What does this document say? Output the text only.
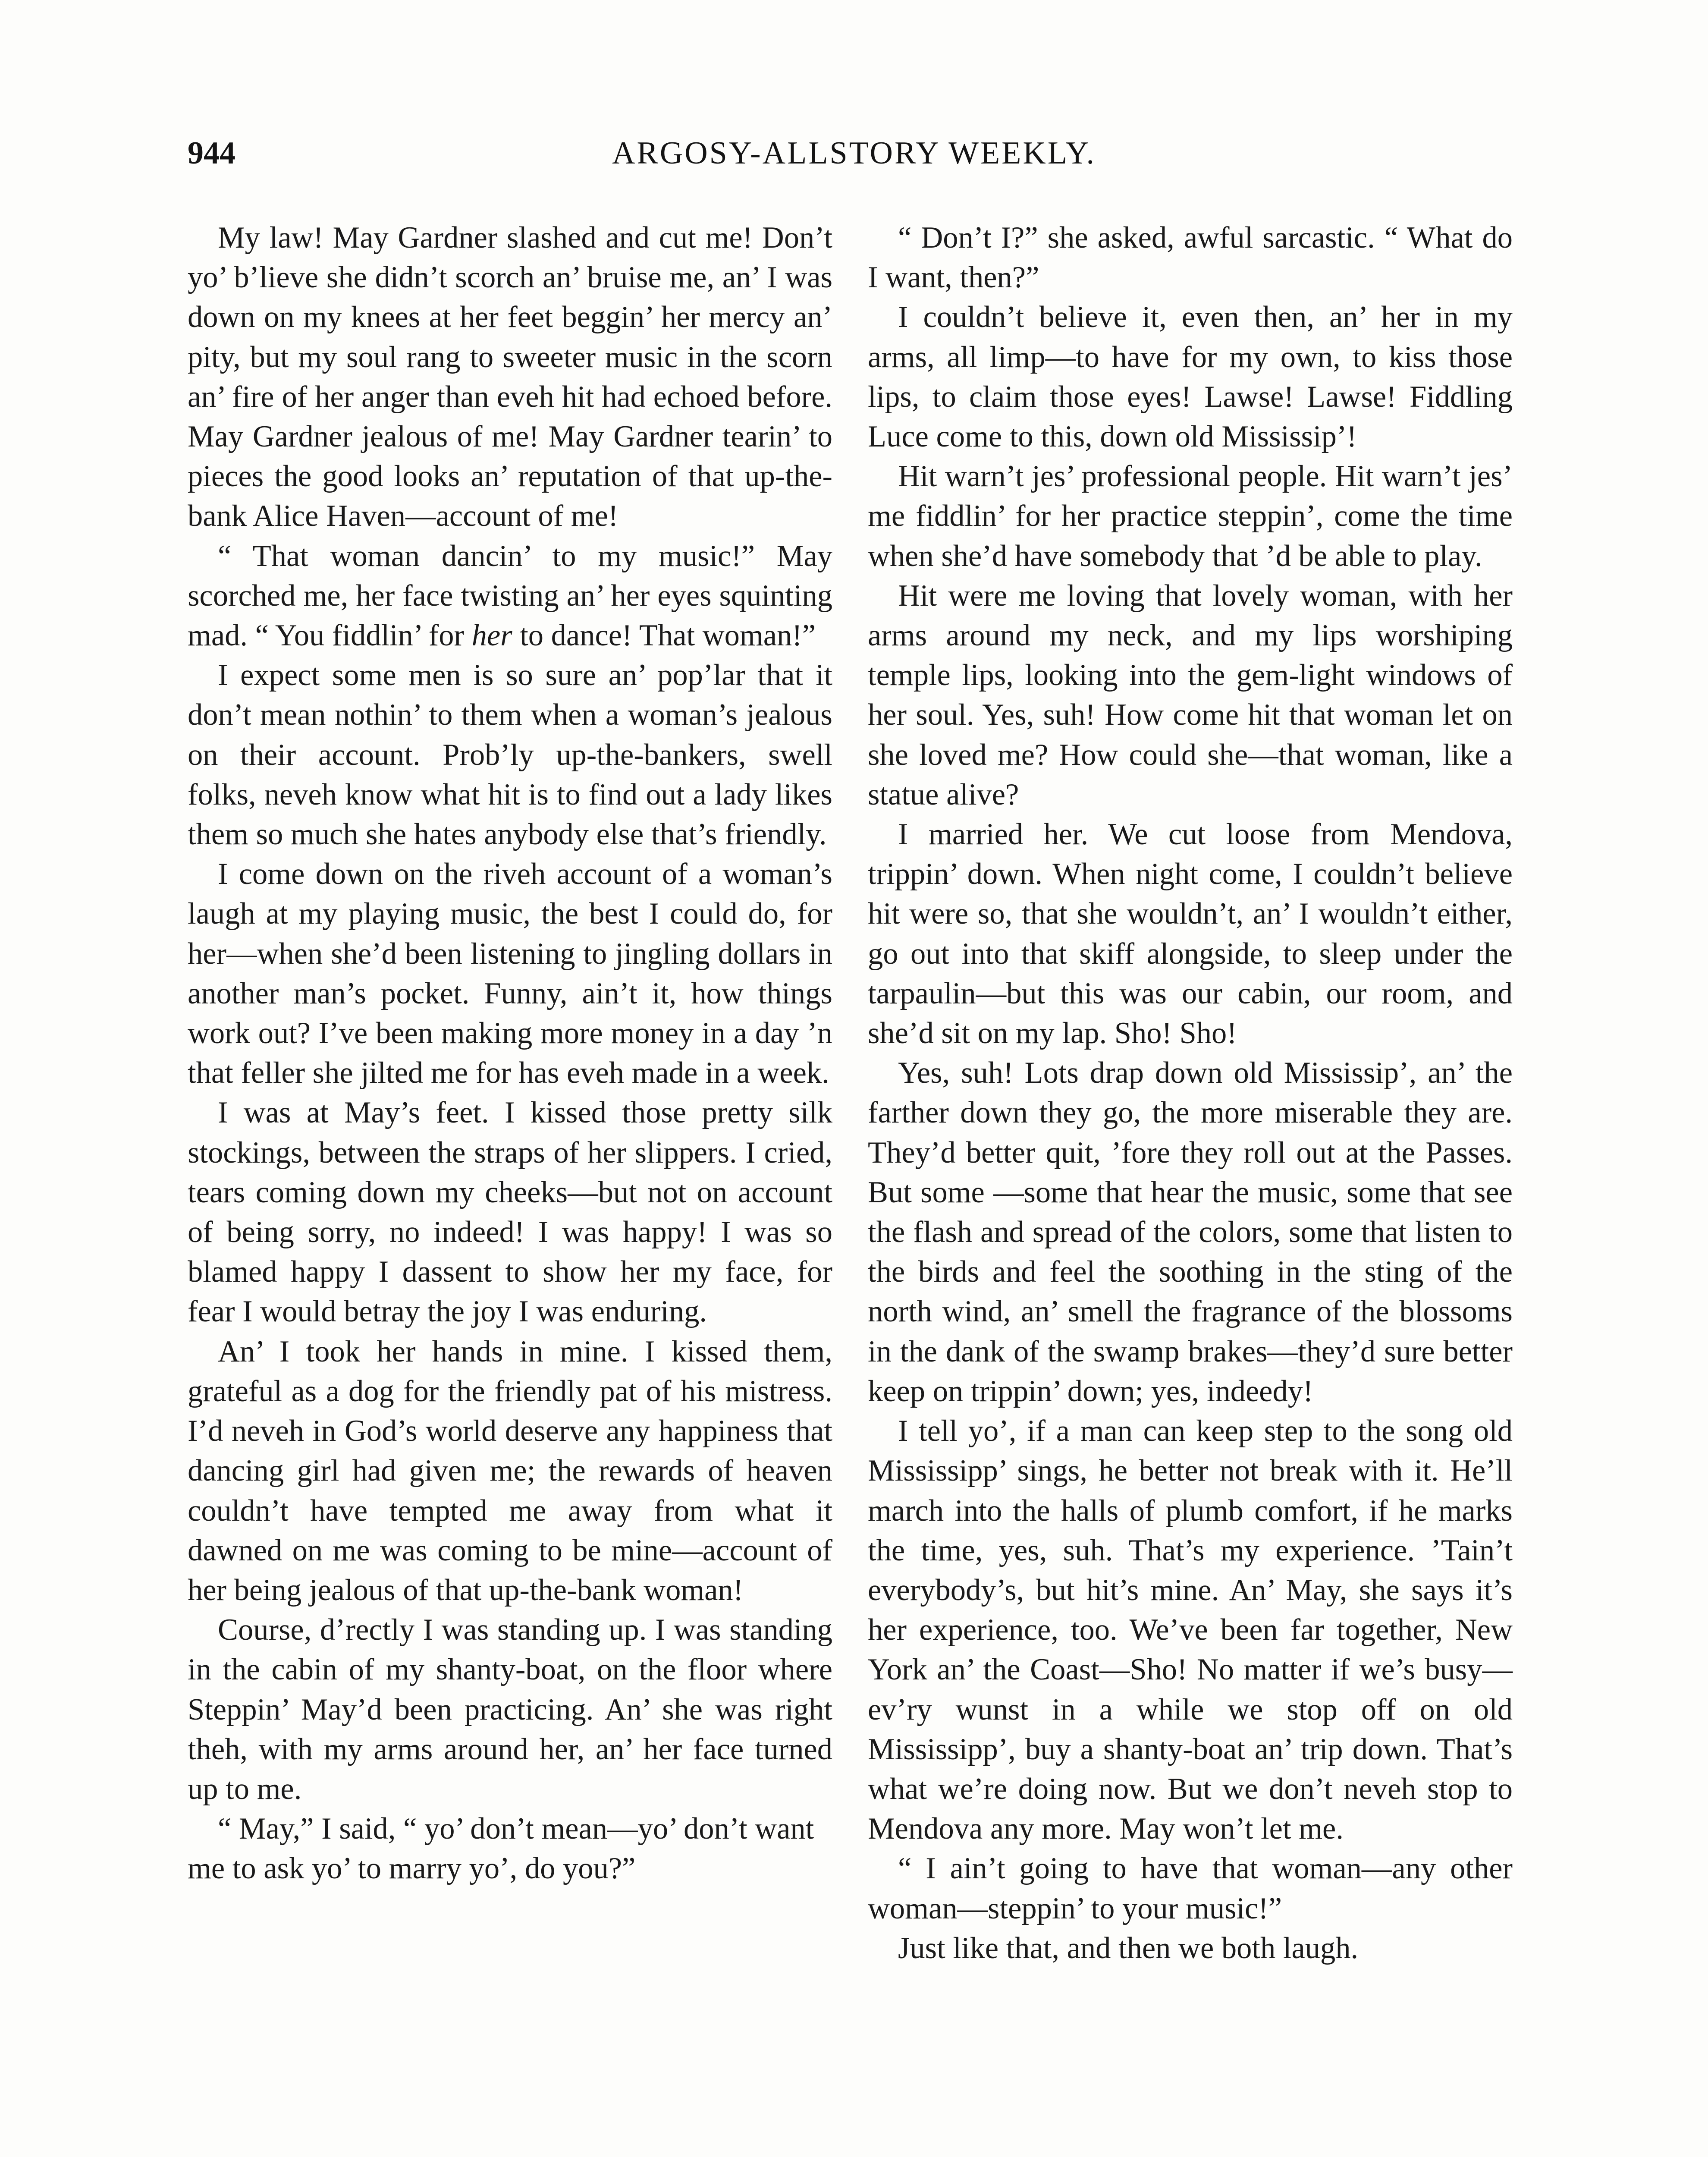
944	ARGOSY-ALLSTORY WEEKLY.

My law! May Gardner slashed and cut me! Don’t yo’ b’lieve she didn’t scorch an’ bruise me, an’ I was down on my knees at her feet beggin’ her mercy an’ pity, but my soul rang to sweeter music in the scorn an’ fire of her anger than eveh hit had echoed before. May Gardner jealous of me! May Gardner tearin’ to pieces the good looks an’ reputation of that up-the-bank Alice Haven—account of me!

“ That woman dancin’ to my music!” May scorched me, her face twisting an’ her eyes squinting mad. “ You fiddlin’ for her to dance! That woman!”

I expect some men is so sure an’ pop’lar that it don’t mean nothin’ to them when a woman’s jealous on their account. Prob’ly up-the-bankers, swell folks, neveh know what hit is to find out a lady likes them so much she hates anybody else that’s friendly.

I come down on the riveh account of a woman’s laugh at my playing music, the best I could do, for her—when she’d been listening to jingling dollars in another man’s pocket. Funny, ain’t it, how things work out? I’ve been making more money in a day ’n that feller she jilted me for has eveh made in a week.

I was at May’s feet. I kissed those pretty silk stockings, between the straps of her slippers. I cried, tears coming down my cheeks—but not on account of being sorry, no indeed! I was happy! I was so blamed happy I dassent to show her my face, for fear I would betray the joy I was enduring.

An’ I took her hands in mine. I kissed them, grateful as a dog for the friendly pat of his mistress. I’d neveh in God’s world deserve any happiness that dancing girl had given me; the rewards of heaven couldn’t have tempted me away from what it dawned on me was coming to be mine—account of her being jealous of that up-the-bank woman!

Course, d’rectly I was standing up. I was standing in the cabin of my shanty-boat, on the floor where Steppin’ May’d been practicing. An’ she was right theh, with my arms around her, an’ her face turned up to me.

“ May,” I said, “ yo’ don’t mean—yo’ don’t want me to ask yo’ to marry yo’, do you?”

“ Don’t I?” she asked, awful sarcastic. “ What do I want, then?”

I couldn’t believe it, even then, an’ her in my arms, all limp—to have for my own, to kiss those lips, to claim those eyes! Lawse! Lawse! Fiddling Luce come to this, down old Mississip’!

Hit warn’t jes’ professional people. Hit warn’t jes’ me fiddlin’ for her practice steppin’, come the time when she’d have somebody that ’d be able to play.

Hit were me loving that lovely woman, with her arms around my neck, and my lips worshiping temple lips, looking into the gem-light windows of her soul. Yes, suh! How come hit that woman let on she loved me? How could she—that woman, like a statue alive?

I married her. We cut loose from Mendova, trippin’ down. When night come, I couldn’t believe hit were so, that she wouldn’t, an’ I wouldn’t either, go out into that skiff alongside, to sleep under the tarpaulin—but this was our cabin, our room, and she’d sit on my lap. Sho! Sho!

Yes, suh! Lots drap down old Mississip’, an’ the farther down they go, the more miserable they are. They’d better quit, ’fore they roll out at the Passes. But some —some that hear the music, some that see the flash and spread of the colors, some that listen to the birds and feel the soothing in the sting of the north wind, an’ smell the fragrance of the blossoms in the dank of the swamp brakes—they’d sure better keep on trippin’ down; yes, indeedy!

I tell yo’, if a man can keep step to the song old Mississipp’ sings, he better not break with it. He’ll march into the halls of plumb comfort, if he marks the time, yes, suh. That’s my experience. ’Tain’t everybody’s, but hit’s mine. An’ May, she says it’s her experience, too. We’ve been far together, New York an’ the Coast—Sho! No matter if we’s busy—ev’ry wunst in a while we stop off on old Mississipp’, buy a shanty-boat an’ trip down. That’s what we’re doing now. But we don’t neveh stop to Mendova any more. May won’t let me.

“ I ain’t going to have that woman—any other woman—steppin’ to your music!”

Just like that, and then we both laugh.
